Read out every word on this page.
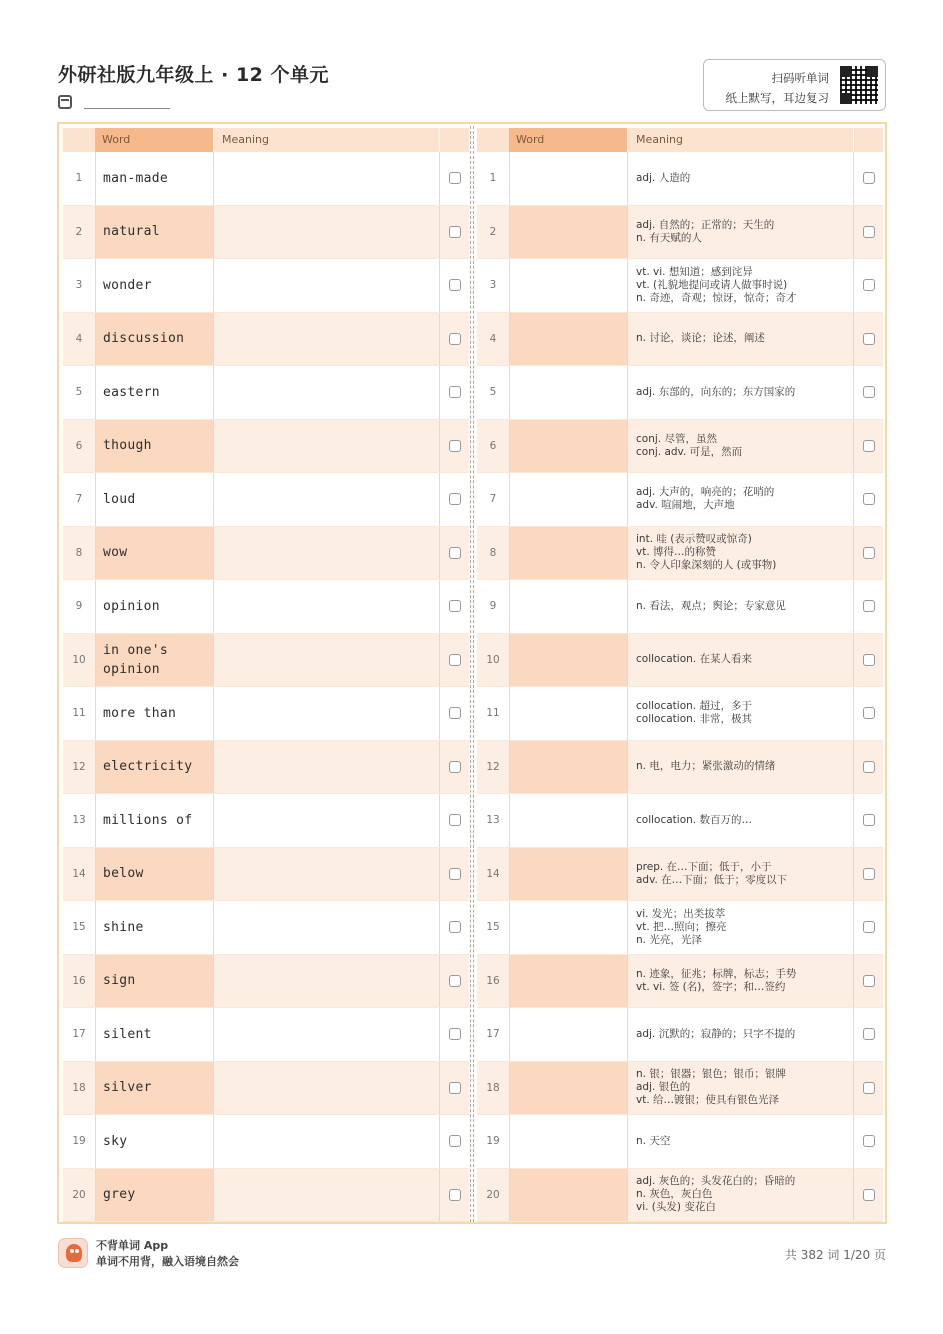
外研社版九年级上 · 12 个单元	扫码听单词
纸上默写，耳边复习
Word	Meaning
1	man-made
2	natural
3	wonder
4	discussion
5	eastern
6	though
7	loud
8	wow
9	opinion
10
in one's opinion
11	more than
12	electricity
13	millions of
14	below
15	shine
16	sign
17	silent
18	silver
19	sky
20	grey
Word	Meaning
1	adj. 人造的
2
adj. 自然的；正常的；天生的
n. 有天赋的人
3
vt. vi. 想知道；感到诧异
vt. (礼貌地提问或请人做事时说)
n. 奇迹，奇观；惊讶，惊奇；奇才
4	n. 讨论，谈论；论述，阐述
5	adj. 东部的，向东的；东方国家的
6
conj. 尽管，虽然
conj. adv. 可是，然而
7
adj. 大声的，响亮的；花哨的
adv. 喧闹地，大声地
8
int. 哇 (表示赞叹或惊奇)
vt. 博得…的称赞
n. 令人印象深刻的人 (或事物)
9	n. 看法，观点；舆论；专家意见
10	collocation. 在某人看来
11
collocation. 超过，多于
collocation. 非常，极其
12	n. 电，电力；紧张激动的情绪
13	collocation. 数百万的…
14
prep. 在…下面；低于，小于
adv. 在…下面；低于；零度以下
15
vi. 发光；出类拔萃
vt. 把…照向；擦亮
n. 光亮，光泽
16
n. 迹象，征兆；标牌，标志；手势
vt. vi. 签 (名)，签字；和…签约
17	adj. 沉默的；寂静的；只字不提的
18
n. 银；银器；银色；银币；银牌
adj. 银色的
vt. 给…镀银；使具有银色光泽
19	n. 天空
20
adj. 灰色的；头发花白的；昏暗的
n. 灰色，灰白色
vi. (头发) 变花白
不背单词 App
单词不用背，融入语境自然会	共 382 词 1/20 页
